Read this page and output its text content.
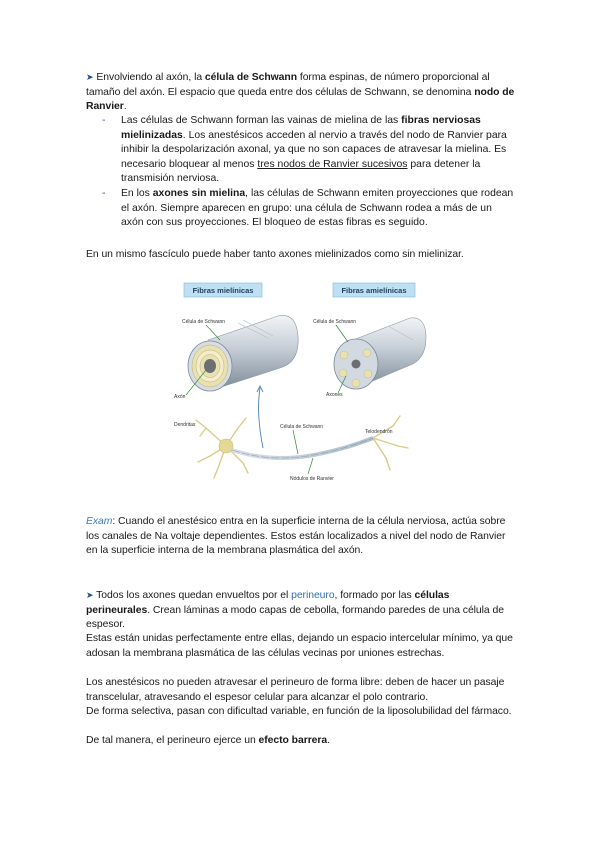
➤ Envolviendo al axón, la célula de Schwann forma espinas, de número proporcional al tamaño del axón. El espacio que queda entre dos células de Schwann, se denomina nodo de Ranvier.
- Las células de Schwann forman las vainas de mielina de las fibras nerviosas mielinizadas. Los anestésicos acceden al nervio a través del nodo de Ranvier para inhibir la despolarización axonal, ya que no son capaces de atravesar la mielina. Es necesario bloquear al menos tres nodos de Ranvier sucesivos para detener la transmisión nerviosa.
- En los axones sin mielina, las células de Schwann emiten proyecciones que rodean el axón. Siempre aparecen en grupo: una célula de Schwann rodea a más de un axón con sus proyecciones. El bloqueo de estas fibras es seguido.
En un mismo fascículo puede haber tanto axones mielinizados como sin mielinizar.
Fibras mielínicas	Fibras amielínicas
Célula de Schwann
Axón
Célula de Schwann
Axones
Dendritas	Célula de Schwann
Telodendrón
Nódulos de Ranvier
Exam: Cuando el anestésico entra en la superficie interna de la célula nerviosa, actúa sobre los canales de Na voltaje dependientes. Estos están localizados a nivel del nodo de Ranvier en la superficie interna de la membrana plasmática del axón.
➤ Todos los axones quedan envueltos por el perineuro, formado por las células perineurales. Crean láminas a modo capas de cebolla, formando paredes de una célula de espesor.
Estas están unidas perfectamente entre ellas, dejando un espacio intercelular mínimo, ya que adosan la membrana plasmática de las células vecinas por uniones estrechas.
Los anestésicos no pueden atravesar el perineuro de forma libre: deben de hacer un pasaje transcelular, atravesando el espesor celular para alcanzar el polo contrario.
De forma selectiva, pasan con dificultad variable, en función de la liposolubilidad del fármaco.
De tal manera, el perineuro ejerce un efecto barrera.
